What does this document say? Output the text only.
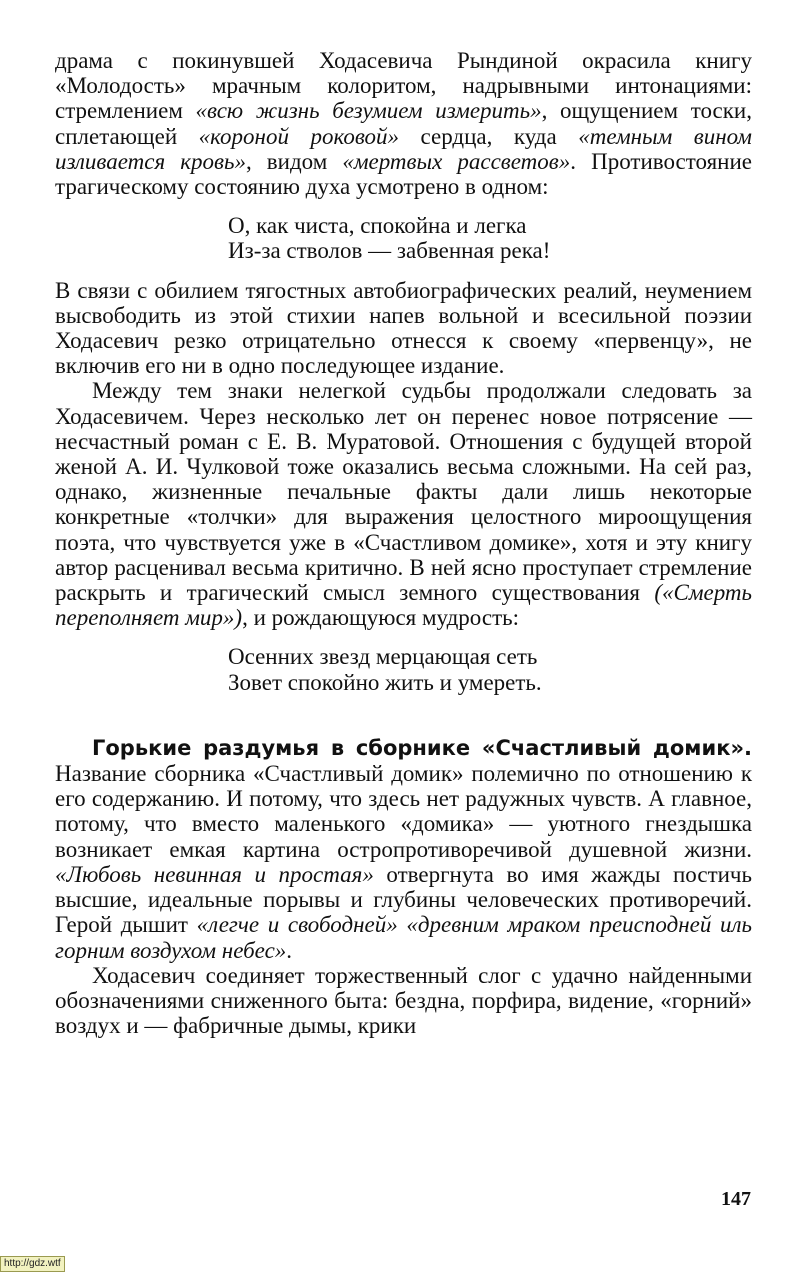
драма с покинувшей Ходасевича Рындиной окрасила книгу «Молодость» мрачным колоритом, надрывными интонациями: стремлением «всю жизнь безумием измерить», ощущением тоски, сплетающей «короной роковой» сердца, куда «темным вином изливается кровь», видом «мертвых рассветов». Противостояние трагическому состоянию духа усмотрено в одном:

О, как чиста, спокойна и легка
Из-за стволов — забвенная река!

В связи с обилием тягостных автобиографических реалий, неумением высвободить из этой стихии напев вольной и всесильной поэзии Ходасевич резко отрицательно отнесся к своему «первенцу», не включив его ни в одно последующее издание.

Между тем знаки нелегкой судьбы продолжали следовать за Ходасевичем. Через несколько лет он перенес новое потрясение — несчастный роман с Е. В. Муратовой. Отношения с будущей второй женой А. И. Чулковой тоже оказались весьма сложными. На сей раз, однако, жизненные печальные факты дали лишь некоторые конкретные «толчки» для выражения целостного мироощущения поэта, что чувствуется уже в «Счастливом домике», хотя и эту книгу автор расценивал весьма критично. В ней ясно проступает стремление раскрыть и трагический смысл земного существования («Смерть переполняет мир»), и рождающуюся мудрость:

Осенних звезд мерцающая сеть
Зовет спокойно жить и умереть.

Горькие раздумья в сборнике «Счастливый домик». Название сборника «Счастливый домик» полемично по отношению к его содержанию. И потому, что здесь нет радужных чувств. А главное, потому, что вместо маленького «домика» — уютного гнездышка возникает емкая картина остропротиворечивой душевной жизни. «Любовь невинная и простая» отвергнута во имя жажды постичь высшие, идеальные порывы и глубины человеческих противоречий. Герой дышит «легче и свободней» «древним мраком преисподней иль горним воздухом небес».

Ходасевич соединяет торжественный слог с удачно найденными обозначениями сниженного быта: бездна, порфира, видение, «горний» воздух и — фабричные дымы, крики

147
http://gdz.wtf
